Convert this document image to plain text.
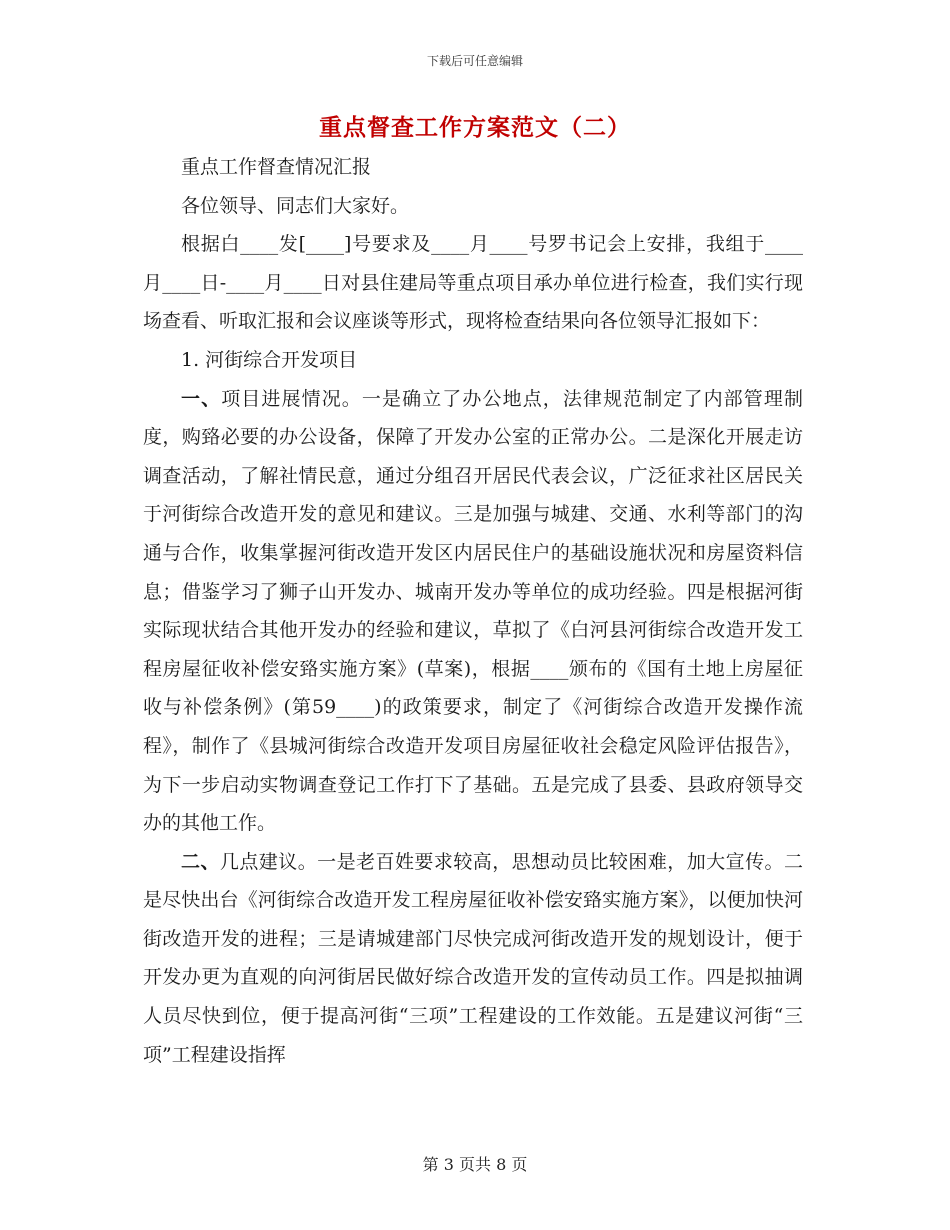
下载后可任意编辑
重点督查工作方案范文（二）

重点工作督查情况汇报

各位领导、同志们大家好。

根据白____发[____]号要求及____月____号罗书记会上安排，我组于____月____日-____月____日对县住建局等重点项目承办单位进行检查，我们实行现场查看、听取汇报和会议座谈等形式，现将检查结果向各位领导汇报如下：

1. 河街综合开发项目

一、项目进展情况。一是确立了办公地点，法律规范制定了内部管理制度，购臵必要的办公设备，保障了开发办公室的正常办公。二是深化开展走访调查活动，了解社情民意，通过分组召开居民代表会议，广泛征求社区居民关于河街综合改造开发的意见和建议。三是加强与城建、交通、水利等部门的沟通与合作，收集掌握河街改造开发区内居民住户的基础设施状况和房屋资料信息；借鉴学习了狮子山开发办、城南开发办等单位的成功经验。四是根据河街实际现状结合其他开发办的经验和建议，草拟了《白河县河街综合改造开发工程房屋征收补偿安臵实施方案》(草案)，根据____颁布的《国有土地上房屋征收与补偿条例》(第59____)的政策要求，制定了《河街综合改造开发操作流程》，制作了《县城河街综合改造开发项目房屋征收社会稳定风险评估报告》，为下一步启动实物调查登记工作打下了基础。五是完成了县委、县政府领导交办的其他工作。

二、几点建议。一是老百姓要求较高，思想动员比较困难，加大宣传。二是尽快出台《河街综合改造开发工程房屋征收补偿安臵实施方案》，以便加快河街改造开发的进程；三是请城建部门尽快完成河街改造开发的规划设计，便于开发办更为直观的向河街居民做好综合改造开发的宣传动员工作。四是拟抽调人员尽快到位，便于提高河街“三项”工程建设的工作效能。五是建议河街“三项”工程建设指挥

第 3 页共 8 页
